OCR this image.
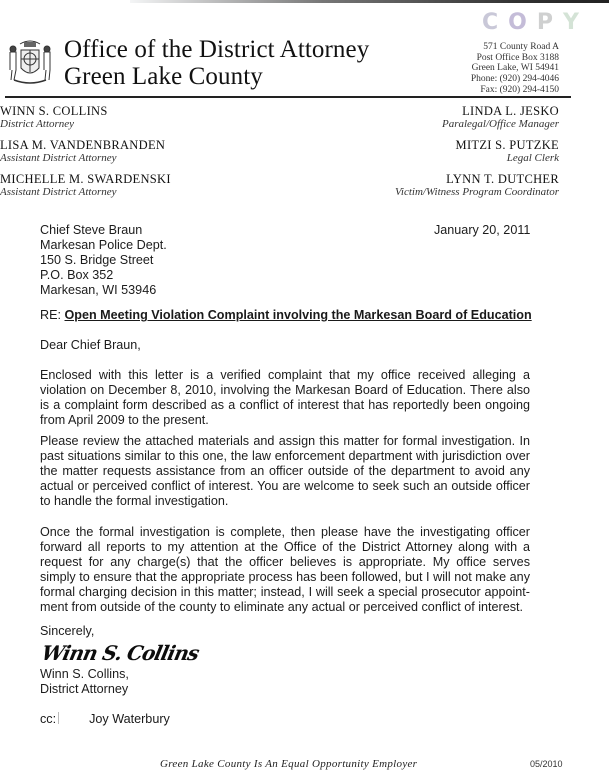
Office of the District Attorney
Green Lake County
COPY
571 County Road A
Post Office Box 3188
Green Lake, WI 54941
Phone: (920) 294-4046
Fax: (920) 294-4150
WINN S. COLLINS
District Attorney
LISA M. VANDENBRANDEN
Assistant District Attorney
MICHELLE M. SWARDENSKI
Assistant District Attorney
LINDA L. JESKO
Paralegal/Office Manager
MITZI S. PUTZKE
Legal Clerk
LYNN T. DUTCHER
Victim/Witness Program Coordinator
Chief Steve Braun
Markesan Police Dept.
150 S. Bridge Street
P.O. Box 352
Markesan, WI 53946
January 20, 2011
RE: Open Meeting Violation Complaint involving the Markesan Board of Education
Dear Chief Braun,
Enclosed with this letter is a verified complaint that my office received alleging a violation on December 8, 2010, involving the Markesan Board of Education. There also is a complaint form described as a conflict of interest that has reportedly been ongoing from April 2009 to the present.
Please review the attached materials and assign this matter for formal investigation. In past situations similar to this one, the law enforcement department with jurisdiction over the matter requests assistance from an officer outside of the department to avoid any actual or perceived conflict of interest. You are welcome to seek such an outside officer to handle the formal investigation.
Once the formal investigation is complete, then please have the investigating officer forward all reports to my attention at the Office of the District Attorney along with a request for any charge(s) that the officer believes is appropriate. My office serves simply to ensure that the appropriate process has been followed, but I will not make any formal charging decision in this matter; instead, I will seek a special prosecutor appoint-ment from outside of the county to eliminate any actual or perceived conflict of interest.
Sincerely,
Winn S. Collins
Winn S. Collins,
District Attorney
cc:	Joy Waterbury
Green Lake County Is An Equal Opportunity Employer	05/2010
